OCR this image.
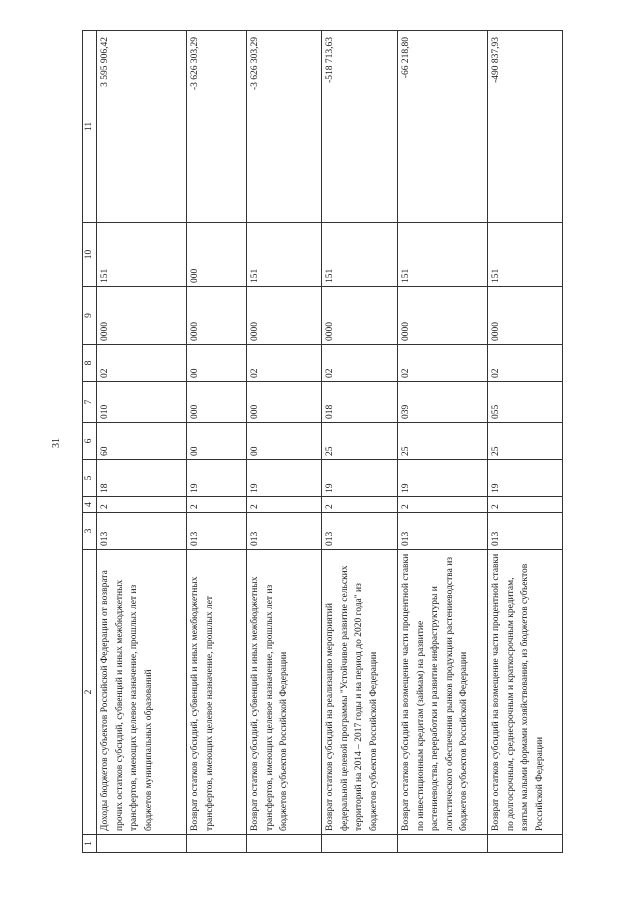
31
1	2	3	4	5	6	7	8	9	10	11
	Доходы бюджетов субъектов Российской Федерации от возврата прочих остатков субсидий, субвенций и иных межбюджетных трансфертов, имеющих целевое назначение, прошлых лет из бюджетов муниципальных образований	013	2	18	60	010	02	0000	151	3 595 906,42
	Возврат остатков субсидий, субвенций и иных межбюджетных трансфертов, имеющих целевое назначение, прошлых лет	013	2	19	00	000	00	0000	000	-3 626 303,29
	Возврат остатков субсидий, субвенций и иных межбюджетных трансфертов, имеющих целевое назначение, прошлых лет из бюджетов субъектов Российской Федерации	013	2	19	00	000	02	0000	151	-3 626 303,29
	Возврат остатков субсидий на реализацию мероприятий федеральной целевой программы "Устойчивое развитие сельских территорий на 2014 – 2017 годы и на период до 2020 года" из бюджетов субъектов Российской Федерации	013	2	19	25	018	02	0000	151	-518 713,63
	Возврат остатков субсидий на возмещение части процентной ставки по инвестиционным кредитам (займам) на развитие растениеводства, переработки и развитие инфраструктуры и логистического обеспечения рынков продукции растениеводства из бюджетов субъектов Российской Федерации	013	2	19	25	039	02	0000	151	-66 218,80
	Возврат остатков субсидий на возмещение части процентной ставки по долгосрочным, среднесрочным и краткосрочным кредитам, взятым малыми формами хозяйствования, из бюджетов субъектов Российской Федерации	013	2	19	25	055	02	0000	151	-490 837,93
